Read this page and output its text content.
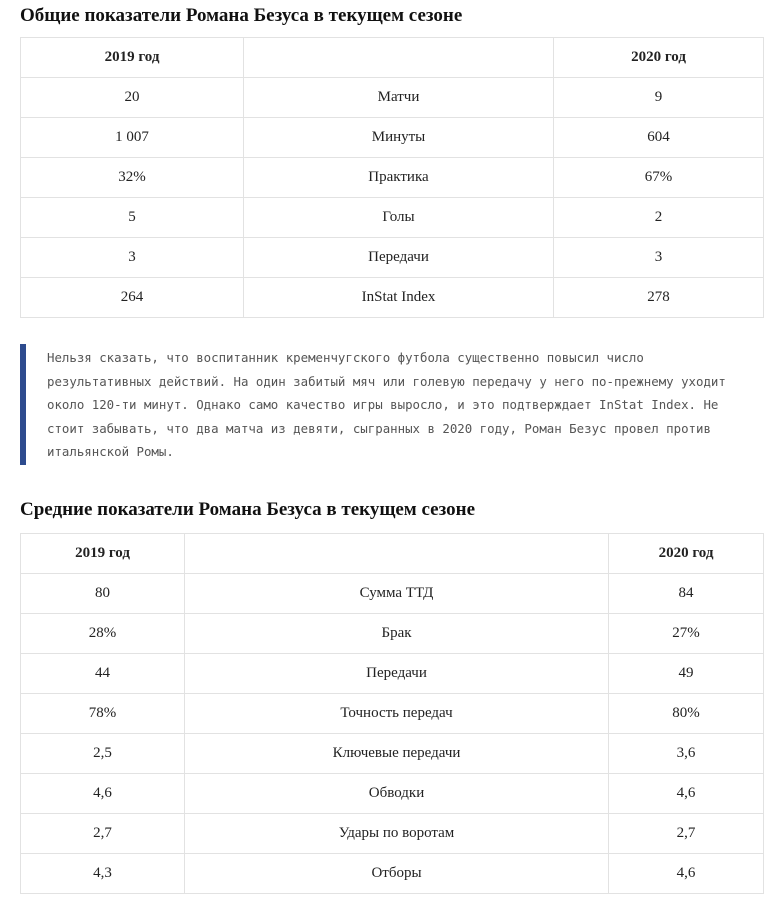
Общие показатели Романа Безуса в текущем сезоне
2019 год		2020 год
20	Матчи	9
1 007	Минуты	604
32%	Практика	67%
5	Голы	2
3	Передачи	3
264	InStat Index	278

Нельзя сказать, что воспитанник кременчугского футбола существенно повысил число результативных действий. На один забитый мяч или голевую передачу у него по-прежнему уходит около 120-ти минут. Однако само качество игры выросло, и это подтверждает InStat Index. Не стоит забывать, что два матча из девяти, сыгранных в 2020 году, Роман Безус провел против итальянской Ромы.

Средние показатели Романа Безуса в текущем сезоне
2019 год		2020 год
80	Сумма ТТД	84
28%	Брак	27%
44	Передачи	49
78%	Точность передач	80%
2,5	Ключевые передачи	3,6
4,6	Обводки	4,6
2,7	Удары по воротам	2,7
4,3	Отборы	4,6
